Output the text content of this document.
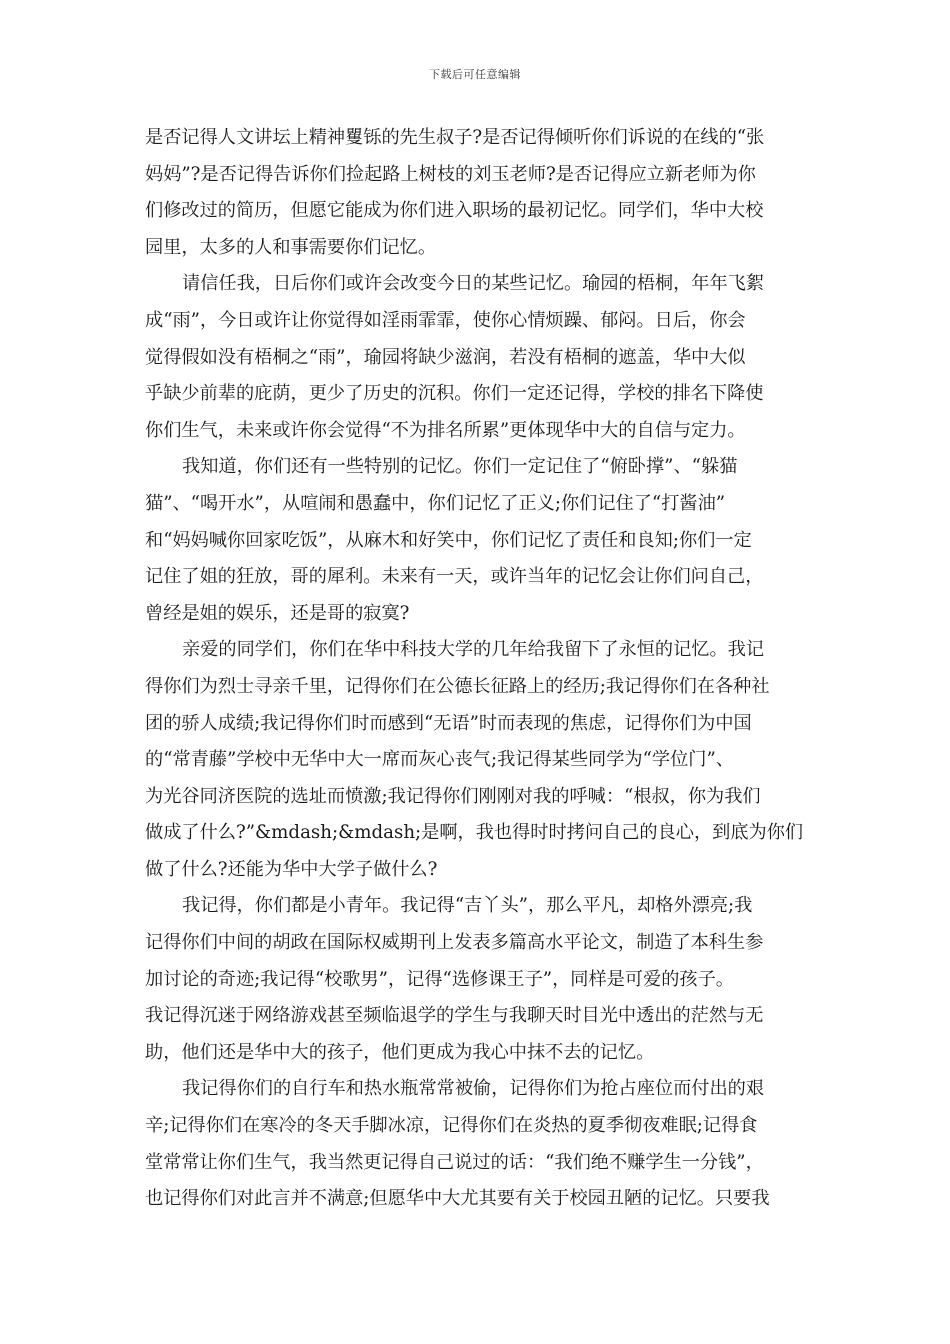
下载后可任意编辑
是否记得人文讲坛上精神矍铄的先生叔子?是否记得倾听你们诉说的在线的“张
妈妈”?是否记得告诉你们捡起路上树枝的刘玉老师?是否记得应立新老师为你
们修改过的简历，但愿它能成为你们进入职场的最初记忆。同学们，华中大校
园里，太多的人和事需要你们记忆。
请信任我，日后你们或许会改变今日的某些记忆。瑜园的梧桐，年年飞絮
成“雨”，今日或许让你觉得如淫雨霏霏，使你心情烦躁、郁闷。日后，你会
觉得假如没有梧桐之“雨”，瑜园将缺少滋润，若没有梧桐的遮盖，华中大似
乎缺少前辈的庇荫，更少了历史的沉积。你们一定还记得，学校的排名下降使
你们生气，未来或许你会觉得“不为排名所累”更体现华中大的自信与定力。
我知道，你们还有一些特别的记忆。你们一定记住了“俯卧撑”、“躲猫
猫”、“喝开水”，从喧闹和愚蠢中，你们记忆了正义;你们记住了“打酱油”
和“妈妈喊你回家吃饭”，从麻木和好笑中，你们记忆了责任和良知;你们一定
记住了姐的狂放，哥的犀利。未来有一天，或许当年的记忆会让你们问自己，
曾经是姐的娱乐，还是哥的寂寞?
亲爱的同学们，你们在华中科技大学的几年给我留下了永恒的记忆。我记
得你们为烈士寻亲千里，记得你们在公德长征路上的经历;我记得你们在各种社
团的骄人成绩;我记得你们时而感到“无语”时而表现的焦虑，记得你们为中国
的“常青藤”学校中无华中大一席而灰心丧气;我记得某些同学为“学位门”、
为光谷同济医院的选址而愤激;我记得你们刚刚对我的呼喊：“根叔，你为我们
做成了什么?”&mdash;&mdash;是啊，我也得时时拷问自己的良心，到底为你们
做了什么?还能为华中大学子做什么?
我记得，你们都是小青年。我记得“吉丫头”，那么平凡，却格外漂亮;我
记得你们中间的胡政在国际权威期刊上发表多篇高水平论文，制造了本科生参
加讨论的奇迹;我记得“校歌男”，记得“选修课王子”，同样是可爱的孩子。
我记得沉迷于网络游戏甚至频临退学的学生与我聊天时目光中透出的茫然与无
助，他们还是华中大的孩子，他们更成为我心中抹不去的记忆。
我记得你们的自行车和热水瓶常常被偷，记得你们为抢占座位而付出的艰
辛;记得你们在寒冷的冬天手脚冰凉，记得你们在炎热的夏季彻夜难眠;记得食
堂常常让你们生气，我当然更记得自己说过的话：“我们绝不赚学生一分钱”，
也记得你们对此言并不满意;但愿华中大尤其要有关于校园丑陋的记忆。只要我
